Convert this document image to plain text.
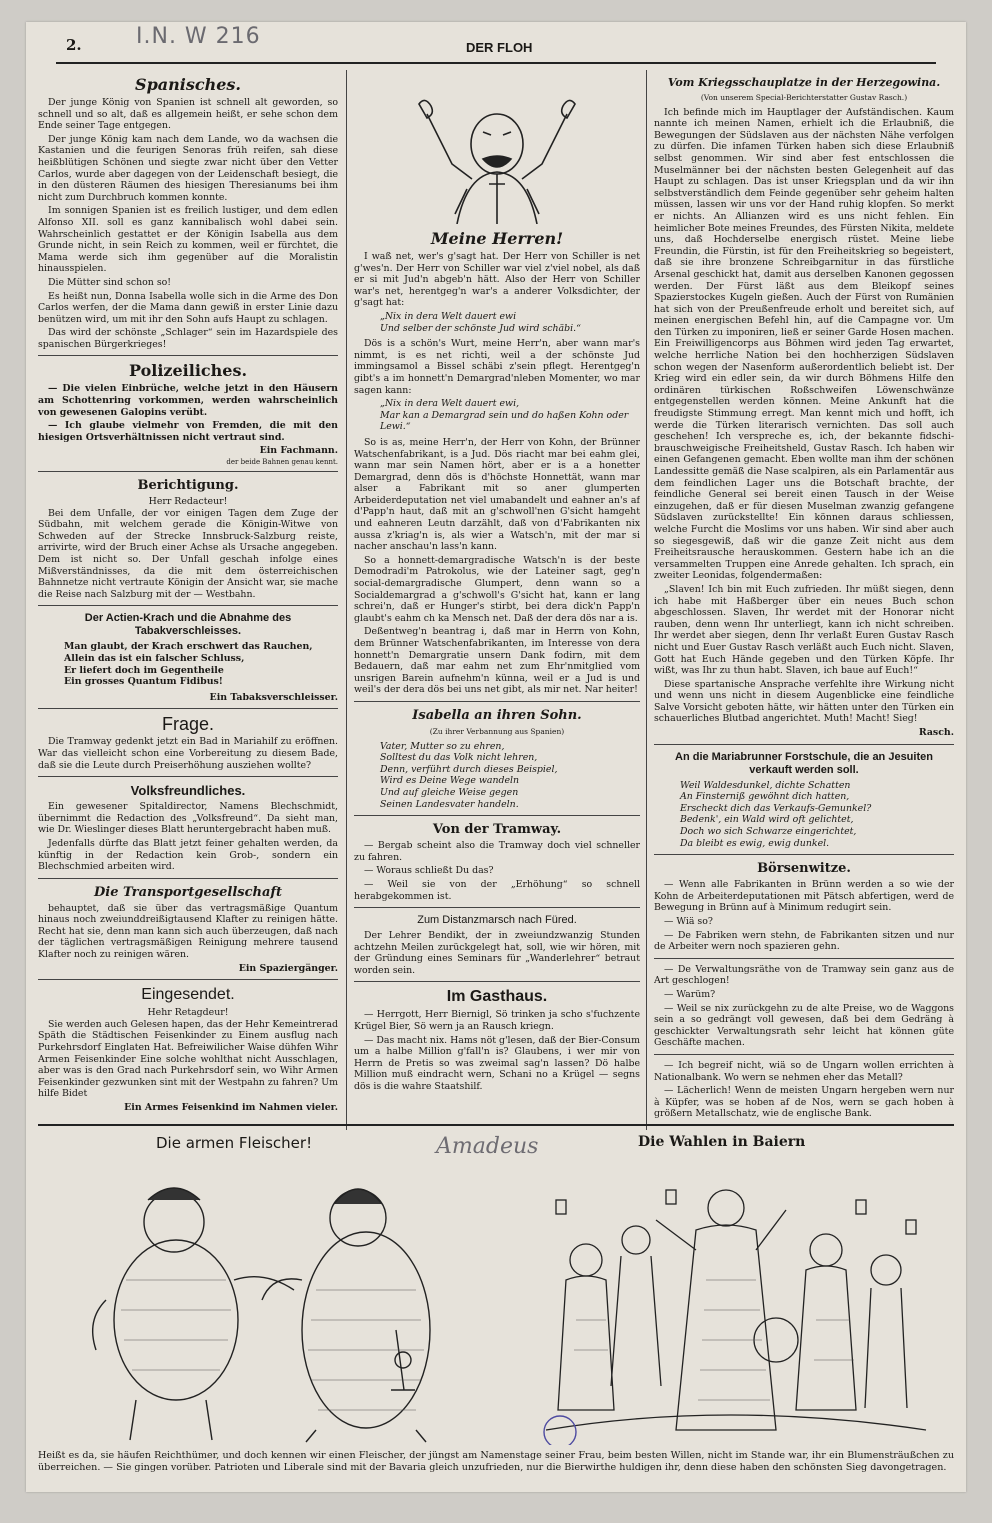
2. I.N. W 216	DER FLOH
Spanisches.

Der junge König von Spanien ist schnell alt geworden, so schnell und so alt, daß es allgemein heißt, er sehe schon dem Ende seiner Tage entgegen.

Der junge König kam nach dem Lande, wo da wachsen die Kastanien und die feurigen Senoras früh reifen, sah diese heißblütigen Schönen und siegte zwar nicht über den Vetter Carlos, wurde aber dagegen von der Leidenschaft besiegt, die in den düsteren Räumen des hiesigen Theresianums bei ihm nicht zum Durchbruch kommen konnte.

Im sonnigen Spanien ist es freilich lustiger, und dem edlen Alfonso XII. soll es ganz kannibalisch wohl dabei sein. Wahrscheinlich gestattet er der Königin Isabella aus dem Grunde nicht, in sein Reich zu kommen, weil er fürchtet, die Mama werde sich ihm gegenüber auf die Moralistin hinausspielen.

Die Mütter sind schon so!

Es heißt nun, Donna Isabella wolle sich in die Arme des Don Carlos werfen, der die Mama dann gewiß in erster Linie dazu benützen wird, um mit ihr den Sohn aufs Haupt zu schlagen.

Das wird der schönste „Schlager“ sein im Hazardspiele des spanischen Bürgerkrieges!

Polizeiliches.

— Die vielen Einbrüche, welche jetzt in den Häusern am Schottenring vorkommen, werden wahrscheinlich von gewesenen Galopins verübt.

— Ich glaube vielmehr von Fremden, die mit den hiesigen Ortsverhältnissen nicht vertraut sind.

Ein Fachmann.
der beide Bahnen genau kennt.
Berichtigung.
Herr Redacteur!

Bei dem Unfalle, der vor einigen Tagen dem Zuge der Südbahn, mit welchem gerade die Königin-Witwe von Schweden auf der Strecke Innsbruck-Salzburg reiste, arrivirte, wird der Bruch einer Achse als Ursache angegeben. Dem ist nicht so. Der Unfall geschah infolge eines Mißverständnisses, da die mit dem österreichischen Bahnnetze nicht vertraute Königin der Ansicht war, sie mache die Reise nach Salzburg mit der — Westbahn.

Der Actien-Krach und die Abnahme des Tabakverschleisses.
Man glaubt, der Krach erschwert das Rauchen,
Allein das ist ein falscher Schluss,
Er liefert doch im Gegentheile
Ein grosses Quantum Fidibus!
Ein Tabaksverschleisser.
Frage.

Die Tramway gedenkt jetzt ein Bad in Mariahilf zu eröffnen. War das vielleicht schon eine Vorbereitung zu diesem Bade, daß sie die Leute durch Preiserhöhung ausziehen wollte?

Volksfreundliches.

Ein gewesener Spitaldirector, Namens Blechschmidt, übernimmt die Redaction des „Volksfreund“. Da sieht man, wie Dr. Wieslinger dieses Blatt heruntergebracht haben muß.

Jedenfalls dürfte das Blatt jetzt feiner gehalten werden, da künftig in der Redaction kein Grob-, sondern ein Blechschmied arbeiten wird.

Die Transportgesellschaft

behauptet, daß sie über das vertragsmäßige Quantum hinaus noch zweiunddreißigtausend Klafter zu reinigen hätte. Recht hat sie, denn man kann sich auch überzeugen, daß nach der täglichen vertragsmäßigen Reinigung mehrere tausend Klafter noch zu reinigen wären.

Ein Spaziergänger.
Eingesendet.
Hehr Retagdeur!

Sie werden auch Gelesen hapen, das der Hehr Kemeintrerad Späth die Städtischen Feisenkinder zu Einem ausflug nach Purkehrsdorf Einglaten Hat. Befreiwilicher Waise dühfen Wihr Armen Feisenkinder Eine solche wohlthat nicht Ausschlagen, aber was is den Grad nach Purkehrsdorf sein, wo Wihr Armen Feisenkinder gezwunken sint mit der Westpahn zu fahren? Um hilfe Bidet

Ein Armes Feisenkind im Nahmen vieler.
Meine Herren!

I waß net, wer's g'sagt hat. Der Herr von Schiller is net g'wes'n. Der Herr von Schiller war viel z'viel nobel, als daß er si mit Jud'n abgeb'n hätt. Also der Herr von Schiller war's net, herentgeg'n war's a anderer Volksdichter, der g'sagt hat:

„Nix in dera Welt dauert ewi
Und selber der schönste Jud wird schäbi.“

Dös is a schön's Wurt, meine Herr'n, aber wann mar's nimmt, is es net richti, weil a der schönste Jud immingsamol a Bissel schäbi z'sein pflegt. Herentgeg'n gibt's a im honnett'n Demargrad'nleben Momenter, wo mar sagen kann:

„Nix in dera Welt dauert ewi,
Mar kan a Demargrad sein und do haßen Kohn oder Lewi.“

So is as, meine Herr'n, der Herr von Kohn, der Brünner Watschenfabrikant, is a Jud. Dös riacht mar bei eahm glei, wann mar sein Namen hört, aber er is a a honetter Demargrad, denn dös is d'höchste Honnettät, wann mar alser a Fabrikant mit so aner glumperten Arbeiderdeputation net viel umabandelt und eahner an's af d'Papp'n haut, daß mit an g'schwoll'nen G'sicht hamgeht und eahneren Leutn darzählt, daß von d'Fabrikanten nix aussa z'kriag'n is, als wier a Watsch'n, mit der mar si nacher anschau'n lass'n kann.

So a honnett-demargradische Watsch'n is der beste Demodradi'm Patrokolus, wie der Lateiner sagt, geg'n social-demargradische Glumpert, denn wann so a Socialdemargrad a g'schwoll's G'sicht hat, kann er lang schrei'n, daß er Hunger's stirbt, bei dera dick'n Papp'n glaubt's eahm ch ka Mensch net. Daß der dera dös nar a is.

Deßentweg'n beantrag i, daß mar in Herrn von Kohn, dem Brünner Watschenfabrikanten, im Interesse von dera honnett'n Demargratie unsern Dank fodirn, mit dem Bedauern, daß mar eahm net zum Ehr'nmitglied vom unsrigen Barein aufnehm'n künna, weil er a Jud is und weil's der dera dös bei uns net gibt, als mir net. Nar heiter!

Isabella an ihren Sohn.
(Zu ihrer Verbannung aus Spanien)
Vater, Mutter so zu ehren,
Solltest du das Volk nicht lehren,
Denn, verführt durch dieses Beispiel,
Wird es Deine Wege wandeln
Und auf gleiche Weise gegen
Seinen Landesvater handeln.
Von der Tramway.

— Bergab scheint also die Tramway doch viel schneller zu fahren.

— Woraus schließt Du das?

— Weil sie von der „Erhöhung“ so schnell herabgekommen ist.

Zum Distanzmarsch nach Füred.

Der Lehrer Bendikt, der in zweiundzwanzig Stunden achtzehn Meilen zurückgelegt hat, soll, wie wir hören, mit der Gründung eines Seminars für „Wanderlehrer“ betraut worden sein.

Im Gasthaus.

— Herrgott, Herr Biernigl, Sö trinken ja scho s'fuchzente Krügel Bier, Sö wern ja an Rausch kriegn.

— Das macht nix. Hams nöt g'lesen, daß der Bier-Consum um a halbe Million g'fall'n is? Glaubens, i wer mir von Herrn de Pretis so was zweimal sag'n lassen? Dö halbe Million muß eindracht wern, Schani no a Krügel — segns dös is die wahre Staatshilf.

Vom Kriegsschauplatze in der Herzegowina.
(Von unserem Special-Berichterstatter Gustav Rasch.)

Ich befinde mich im Hauptlager der Aufständischen. Kaum nannte ich meinen Namen, erhielt ich die Erlaubniß, die Bewegungen der Südslaven aus der nächsten Nähe verfolgen zu dürfen. Die infamen Türken haben sich diese Erlaubniß selbst genommen. Wir sind aber fest entschlossen die Muselmänner bei der nächsten besten Gelegenheit auf das Haupt zu schlagen. Das ist unser Kriegsplan und da wir ihn selbstverständlich dem Feinde gegenüber sehr geheim halten müssen, lassen wir uns vor der Hand ruhig klopfen. So merkt er nichts. An Allianzen wird es uns nicht fehlen. Ein heimlicher Bote meines Freundes, des Fürsten Nikita, meldete uns, daß Hochderselbe energisch rüstet. Meine liebe Freundin, die Fürstin, ist für den Freiheitskrieg so begeistert, daß sie ihre bronzene Schreibgarnitur in das fürstliche Arsenal geschickt hat, damit aus derselben Kanonen gegossen werden. Der Fürst läßt aus dem Bleikopf seines Spazierstockes Kugeln gießen. Auch der Fürst von Rumänien hat sich von der Preußenfreude erholt und bereitet sich, auf meinen energischen Befehl hin, auf die Campagne vor. Um den Türken zu imponiren, ließ er seiner Garde Hosen machen. Ein Freiwilligencorps aus Böhmen wird jeden Tag erwartet, welche herrliche Nation bei den hochherzigen Südslaven schon wegen der Nasenform außerordentlich beliebt ist. Der Krieg wird ein edler sein, da wir durch Böhmens Hilfe den ordinären türkischen Roßschweifen Löwenschwänze entgegenstellen werden können. Meine Ankunft hat die freudigste Stimmung erregt. Man kennt mich und hofft, ich werde die Türken literarisch vernichten. Das soll auch geschehen! Ich verspreche es, ich, der bekannte fidschi-brauschweigische Freiheitsheld, Gustav Rasch. Ich haben wir einen Gefangenen gemacht. Eben wollte man ihm der schönen Landessitte gemäß die Nase scalpiren, als ein Parlamentär aus dem feindlichen Lager uns die Botschaft brachte, der feindliche General sei bereit einen Tausch in der Weise einzugehen, daß er für diesen Muselman zwanzig gefangene Südslaven zurückstellte! Ein können daraus schliessen, welche Furcht die Moslims vor uns haben. Wir sind aber auch so siegesgewiß, daß wir die ganze Zeit nicht aus dem Freiheitsrausche herauskommen. Gestern habe ich an die versammelten Truppen eine Anrede gehalten. Ich sprach, ein zweiter Leonidas, folgendermaßen:

„Slaven! Ich bin mit Euch zufrieden. Ihr müßt siegen, denn ich habe mit Haßberger über ein neues Buch schon abgeschlossen. Slaven, Ihr werdet mit der Honorar nicht rauben, denn wenn Ihr unterliegt, kann ich nicht schreiben. Ihr werdet aber siegen, denn Ihr verlaßt Euren Gustav Rasch nicht und Euer Gustav Rasch verläßt auch Euch nicht. Slaven, Gott hat Euch Hände gegeben und den Türken Köpfe. Ihr wißt, was Ihr zu thun habt. Slaven, ich baue auf Euch!“

Diese spartanische Ansprache verfehlte ihre Wirkung nicht und wenn uns nicht in diesem Augenblicke eine feindliche Salve Vorsicht geboten hätte, wir hätten unter den Türken ein schauerliches Blutbad angerichtet. Muth! Macht! Sieg!

Rasch.
An die Mariabrunner Forstschule, die an Jesuiten verkauft werden soll.
Weil Waldesdunkel, dichte Schatten
An Finsterniß gewöhnt dich hatten,
Erscheckt dich das Verkaufs-Gemunkel?
Bedenk', ein Wald wird oft gelichtet,
Doch wo sich Schwarze eingerichtet,
Da bleibt es ewig, ewig dunkel.
Börsenwitze.

— Wenn alle Fabrikanten in Brünn werden a so wie der Kohn de Arbeiterdeputationen mit Pätsch abfertigen, werd de Bewegung in Brünn auf à Minimum redugirt sein.

— Wiä so?

— De Fabriken wern stehn, de Fabrikanten sitzen und nur de Arbeiter wern noch spazieren gehn.

— De Verwaltungsräthe von de Tramway sein ganz aus de Art geschlogen!

— Warüm?

— Weil se nix zurückgehn zu de alte Preise, wo de Waggons sein a so gedrängt voll gewesen, daß bei dem Gedräng à geschickter Verwaltungsrath sehr leicht hat können güte Geschäfte machen.

— Ich begreif nicht, wiä so de Ungarn wollen errichten à Nationalbank. Wo wern se nehmen eher das Metall?

— Lächerlich! Wenn de meisten Ungarn hergeben wern nur à Küpfer, was se hoben af de Nos, wern se gach hoben à größern Metallschatz, wie de englische Bank.

Die armen Fleischer!	Amadeus	Die Wahlen in Baiern
Heißt es da, sie häufen Reichthümer, und doch kennen wir einen Fleischer, der jüngst am Namenstage seiner Frau, beim besten Willen, nicht im Stande war, ihr ein Blumensträußchen zu überreichen. — Sie gingen vorüber. Patrioten und Liberale sind mit der Bavaria gleich unzufrieden, nur die Bierwirthe huldigen ihr, denn diese haben den schönsten Sieg davongetragen.
